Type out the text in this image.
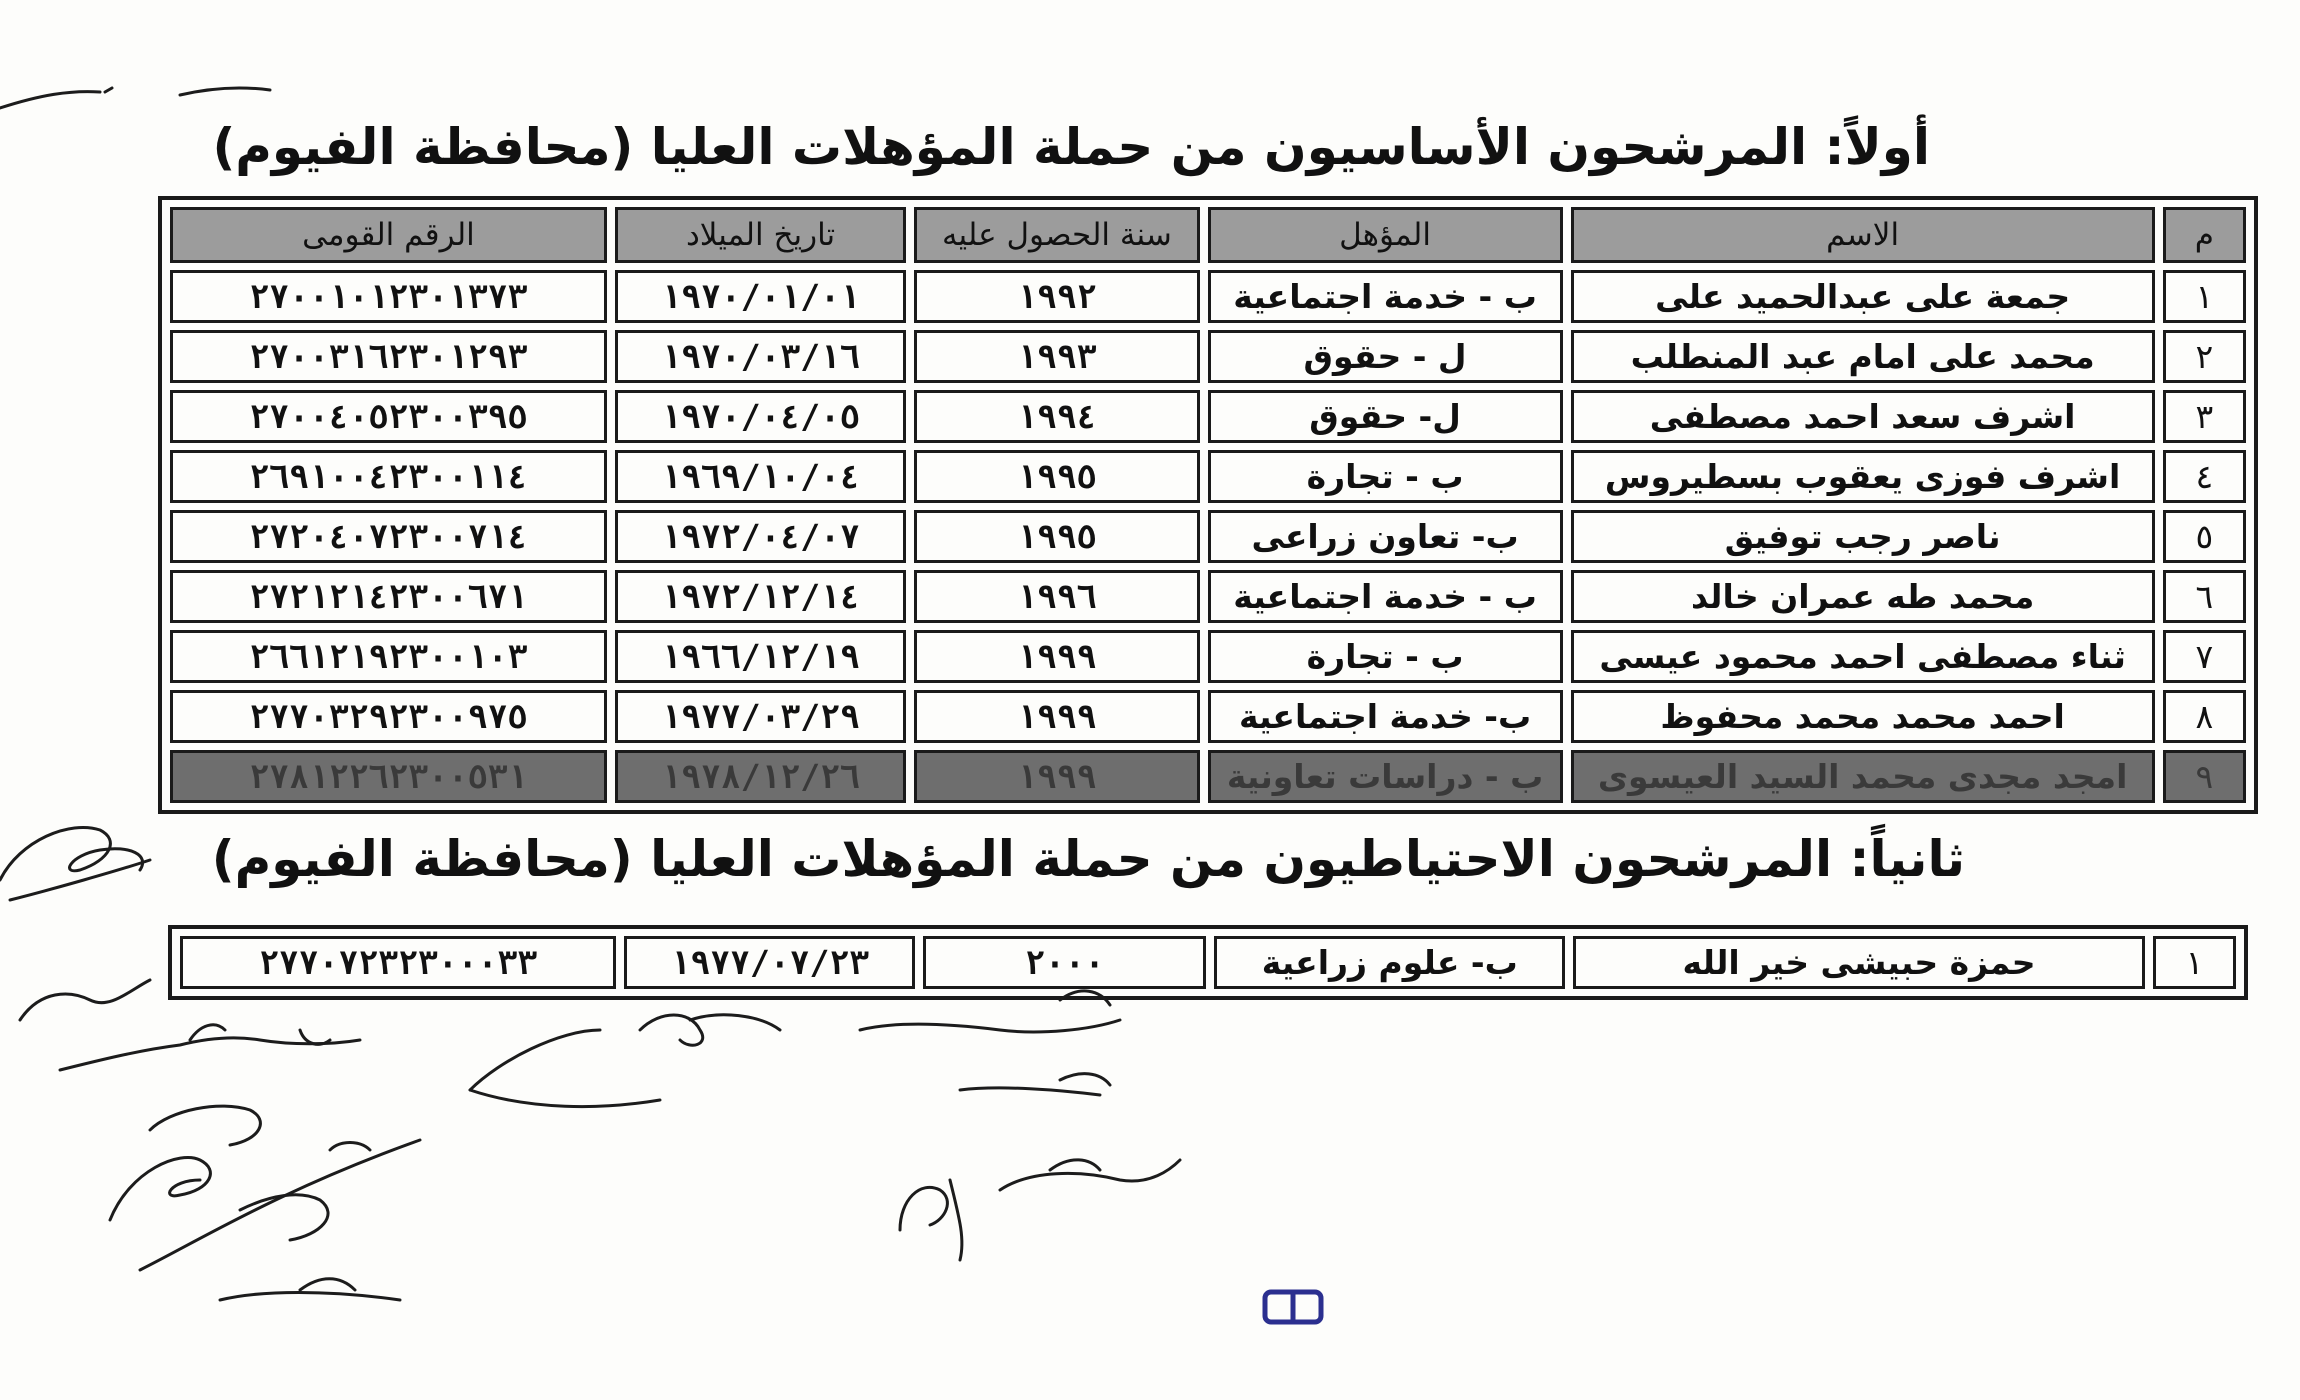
أولاً: المرشحون الأساسيون من حملة المؤهلات العليا (محافظة الفيوم)
م	الاسم	المؤهل	سنة الحصول عليه	تاريخ الميلاد	الرقم القومى
١	جمعة على عبدالحميد على	ب - خدمة اجتماعية	١٩٩٢	١٩٧٠/٠١/٠١	٢٧٠٠١٠١٢٣٠١٣٧٣
٢	محمد على امام عبد المنطلب	ل - حقوق	١٩٩٣	١٩٧٠/٠٣/١٦	٢٧٠٠٣١٦٢٣٠١٢٩٣
٣	اشرف سعد احمد مصطفى	ل- حقوق	١٩٩٤	١٩٧٠/٠٤/٠٥	٢٧٠٠٤٠٥٢٣٠٠٣٩٥
٤	اشرف فوزى يعقوب بسطيروس	ب - تجارة	١٩٩٥	١٩٦٩/١٠/٠٤	٢٦٩١٠٠٤٢٣٠٠١١٤
٥	ناصر رجب توفيق	ب- تعاون زراعى	١٩٩٥	١٩٧٢/٠٤/٠٧	٢٧٢٠٤٠٧٢٣٠٠٧١٤
٦	محمد طه عمران خالد	ب - خدمة اجتماعية	١٩٩٦	١٩٧٢/١٢/١٤	٢٧٢١٢١٤٢٣٠٠٦٧١
٧	ثناء مصطفى احمد محمود عيسى	ب - تجارة	١٩٩٩	١٩٦٦/١٢/١٩	٢٦٦١٢١٩٢٣٠٠١٠٣
٨	احمد محمد محمد محفوظ	ب- خدمة اجتماعية	١٩٩٩	١٩٧٧/٠٣/٢٩	٢٧٧٠٣٢٩٢٣٠٠٩٧٥
٩	امجد مجدى محمد السيد العيسوى	ب - دراسات تعاونية	١٩٩٩	١٩٧٨/١٢/٢٦	٢٧٨١٢٢٦٢٣٠٠٥٣١
ثانياً: المرشحون الاحتياطيون من حملة المؤهلات العليا (محافظة الفيوم)
١	حمزة حبيشى خير الله	ب- علوم زراعية	٢٠٠٠	١٩٧٧/٠٧/٢٣	٢٧٧٠٧٢٣٢٣٠٠٠٣٣
